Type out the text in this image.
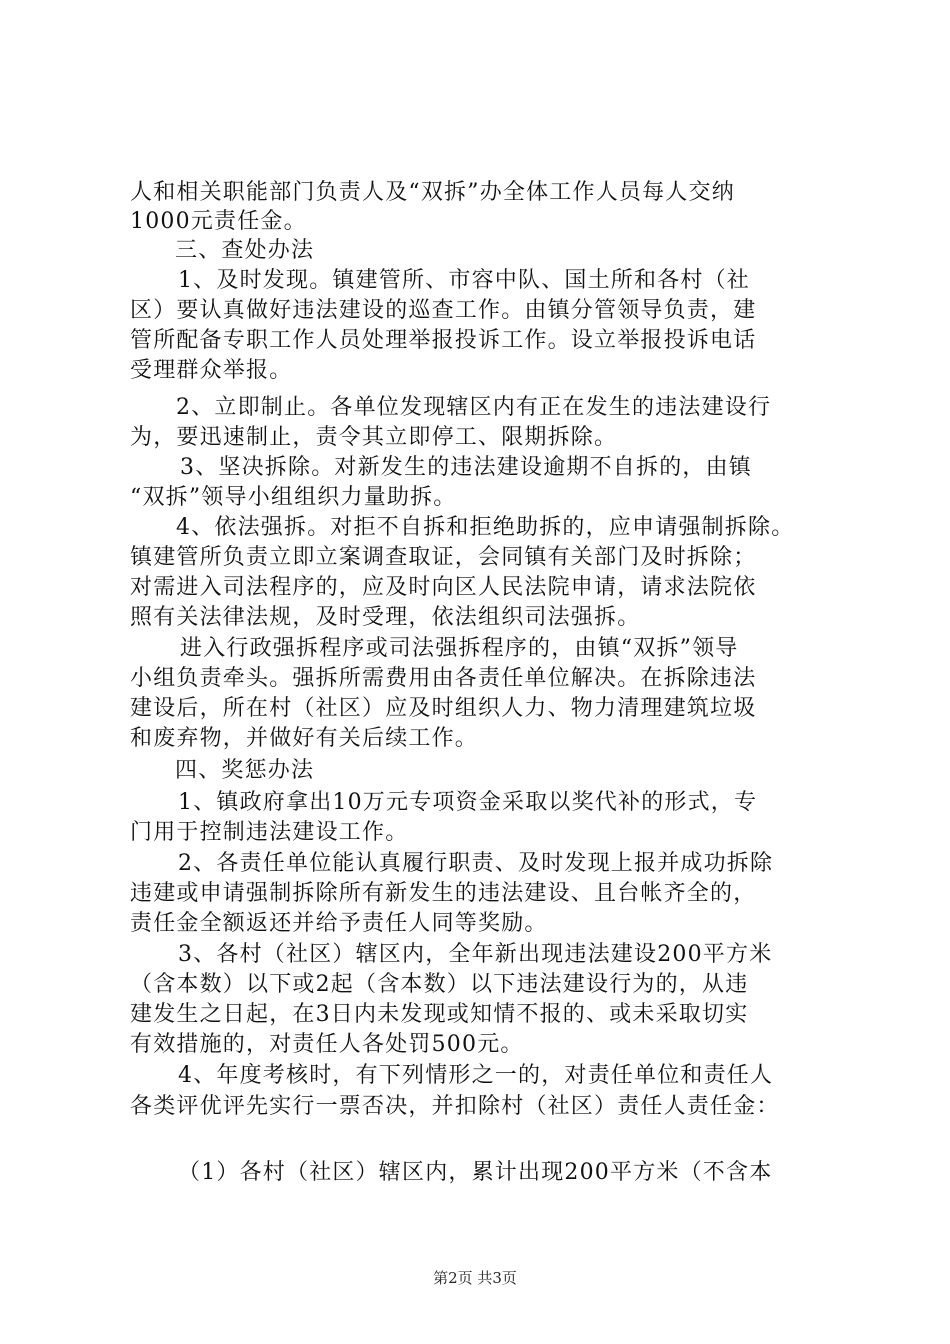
人和相关职能部门负责人及“双拆”办全体工作人员每人交纳
1000元责任金。
三、查处办法
1、及时发现。镇建管所、市容中队、国土所和各村（社
区）要认真做好违法建设的巡查工作。由镇分管领导负责，建
管所配备专职工作人员处理举报投诉工作。设立举报投诉电话
受理群众举报。
2、立即制止。各单位发现辖区内有正在发生的违法建设行
为，要迅速制止，责令其立即停工、限期拆除。
3、坚决拆除。对新发生的违法建设逾期不自拆的，由镇
“双拆”领导小组组织力量助拆。
4、依法强拆。对拒不自拆和拒绝助拆的，应申请强制拆除。
镇建管所负责立即立案调查取证，会同镇有关部门及时拆除；
对需进入司法程序的，应及时向区人民法院申请，请求法院依
照有关法律法规，及时受理，依法组织司法强拆。
进入行政强拆程序或司法强拆程序的，由镇“双拆”领导
小组负责牵头。强拆所需费用由各责任单位解决。在拆除违法
建设后，所在村（社区）应及时组织人力、物力清理建筑垃圾
和废弃物，并做好有关后续工作。
四、奖惩办法
1、镇政府拿出10万元专项资金采取以奖代补的形式，专
门用于控制违法建设工作。
2、各责任单位能认真履行职责、及时发现上报并成功拆除
违建或申请强制拆除所有新发生的违法建设、且台帐齐全的，
责任金全额返还并给予责任人同等奖励。
3、各村（社区）辖区内，全年新出现违法建设200平方米
（含本数）以下或2起（含本数）以下违法建设行为的，从违
建发生之日起，在3日内未发现或知情不报的、或未采取切实
有效措施的，对责任人各处罚500元。
4、年度考核时，有下列情形之一的，对责任单位和责任人
各类评优评先实行一票否决，并扣除村（社区）责任人责任金：
（1）各村（社区）辖区内，累计出现200平方米（不含本
第2页 共3页
